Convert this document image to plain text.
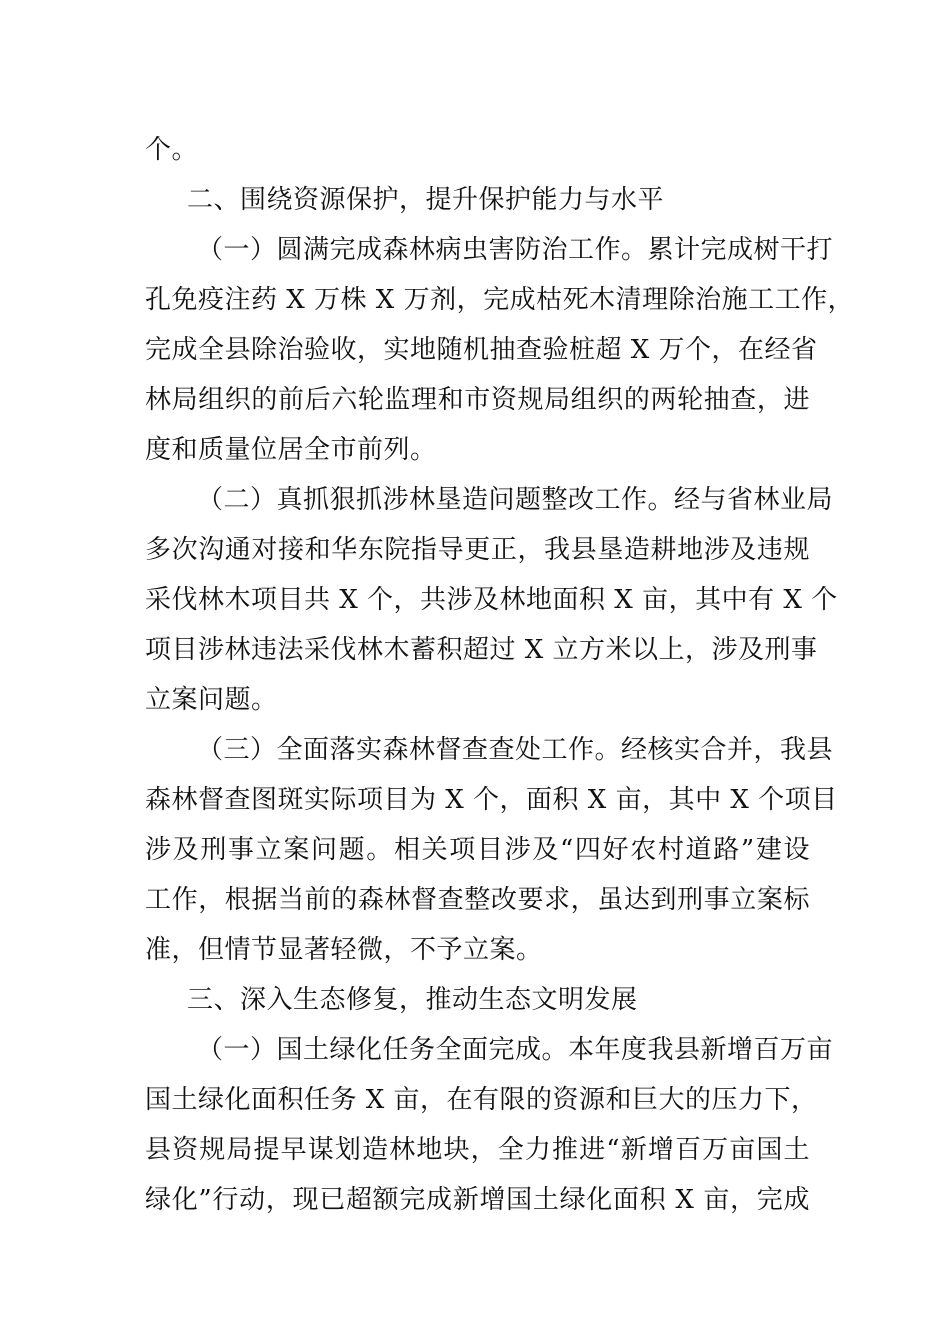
个。
二、围绕资源保护，提升保护能力与水平
（一）圆满完成森林病虫害防治工作。累计完成树干打
孔免疫注药 X 万株 X 万剂，完成枯死木清理除治施工工作，
完成全县除治验收，实地随机抽查验桩超 X 万个，在经省
林局组织的前后六轮监理和市资规局组织的两轮抽查，进
度和质量位居全市前列。
（二）真抓狠抓涉林垦造问题整改工作。经与省林业局
多次沟通对接和华东院指导更正，我县垦造耕地涉及违规
采伐林木项目共 X 个，共涉及林地面积 X 亩，其中有 X 个
项目涉林违法采伐林木蓄积超过 X 立方米以上，涉及刑事
立案问题。
（三）全面落实森林督查查处工作。经核实合并，我县
森林督查图斑实际项目为 X 个，面积 X 亩，其中 X 个项目
涉及刑事立案问题。相关项目涉及“四好农村道路”建设
工作，根据当前的森林督查整改要求，虽达到刑事立案标
准，但情节显著轻微，不予立案。
三、深入生态修复，推动生态文明发展
（一）国土绿化任务全面完成。本年度我县新增百万亩
国土绿化面积任务 X 亩，在有限的资源和巨大的压力下，
县资规局提早谋划造林地块，全力推进“新增百万亩国土
绿化”行动，现已超额完成新增国土绿化面积 X 亩，完成
